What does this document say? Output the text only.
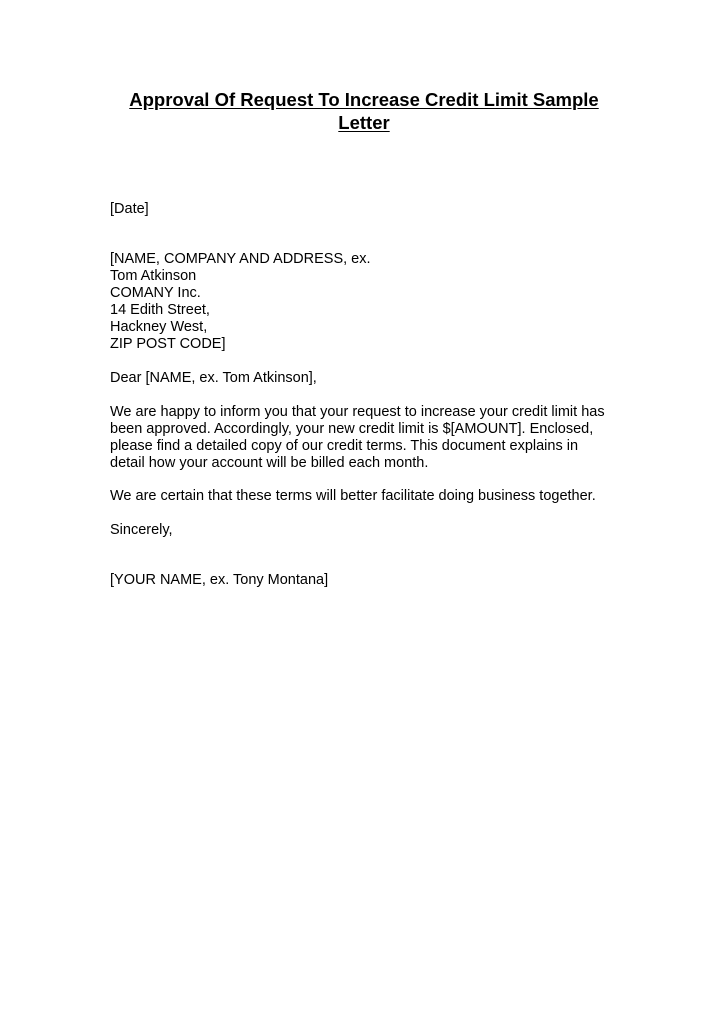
Approval Of Request To Increase Credit Limit Sample
Letter

[Date]

[NAME, COMPANY AND ADDRESS, ex.
Tom Atkinson
COMANY Inc.
14 Edith Street,
Hackney West,
ZIP POST CODE]

Dear [NAME, ex. Tom Atkinson],

We are happy to inform you that your request to increase your credit limit has
been approved. Accordingly, your new credit limit is $[AMOUNT]. Enclosed,
please find a detailed copy of our credit terms. This document explains in
detail how your account will be billed each month.

We are certain that these terms will better facilitate doing business together.

Sincerely,

[YOUR NAME, ex. Tony Montana]
